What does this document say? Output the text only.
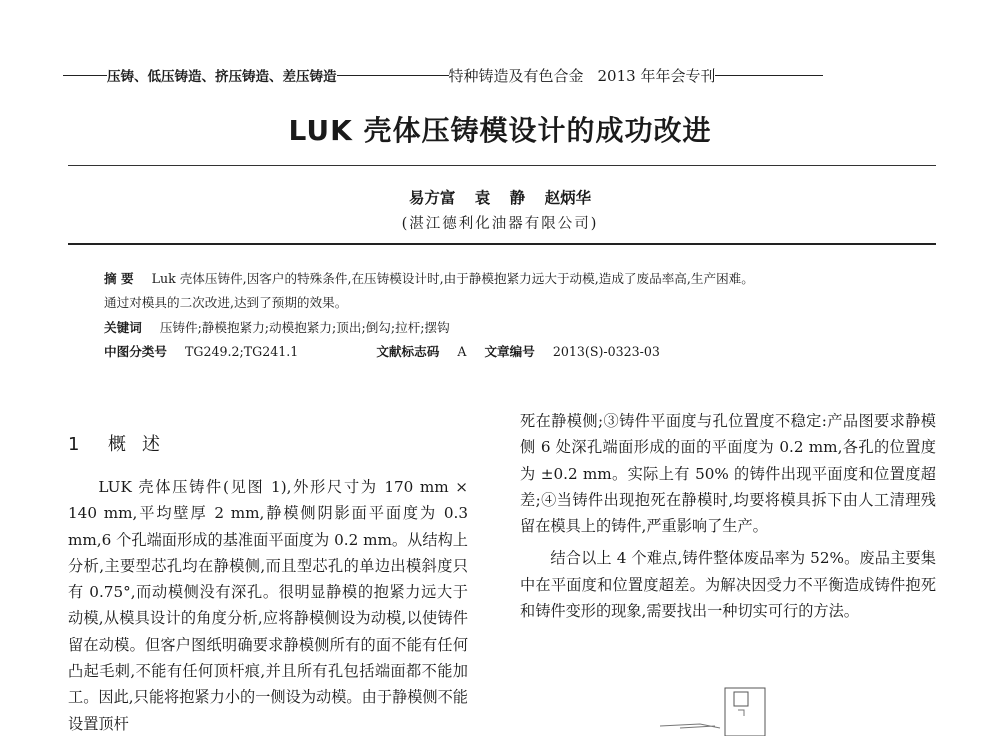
压铸、低压铸造、挤压铸造、差压铸造	特种铸造及有色合金 2013 年年会专刊
LUK 壳体压铸模设计的成功改进
易方富 袁 静 赵炳华
(湛江德利化油器有限公司)
摘 要 Luk 壳体压铸件,因客户的特殊条件,在压铸模设计时,由于静模抱紧力远大于动模,造成了废品率高,生产困难。
通过对模具的二次改进,达到了预期的效果。
关键词 压铸件;静模抱紧力;动模抱紧力;顶出;倒勾;拉杆;摆钩
中图分类号 TG249.2;TG241.1	文献标志码 A 文章编号 2013(S)-0323-03
1 概述

LUK 壳体压铸件(见图 1),外形尺寸为 170 mm × 140 mm,平均壁厚 2 mm,静模侧阴影面平面度为 0.3 mm,6 个孔端面形成的基准面平面度为 0.2 mm。从结构上分析,主要型芯孔均在静模侧,而且型芯孔的单边出模斜度只有 0.75°,而动模侧没有深孔。很明显静模的抱紧力远大于动模,从模具设计的角度分析,应将静模侧设为动模,以使铸件留在动模。但客户图纸明确要求静模侧所有的面不能有任何凸起毛刺,不能有任何顶杆痕,并且所有孔包括端面都不能加工。因此,只能将抱紧力小的一侧设为动模。由于静模侧不能设置顶杆

死在静模侧;③铸件平面度与孔位置度不稳定:产品图要求静模侧 6 处深孔端面形成的面的平面度为 0.2 mm,各孔的位置度为 ±0.2 mm。实际上有 50% 的铸件出现平面度和位置度超差;④当铸件出现抱死在静模时,均要将模具拆下由人工清理残留在模具上的铸件,严重影响了生产。

结合以上 4 个难点,铸件整体废品率为 52%。废品主要集中在平面度和位置度超差。为解决因受力不平衡造成铸件抱死和铸件变形的现象,需要找出一种切实可行的方法。
